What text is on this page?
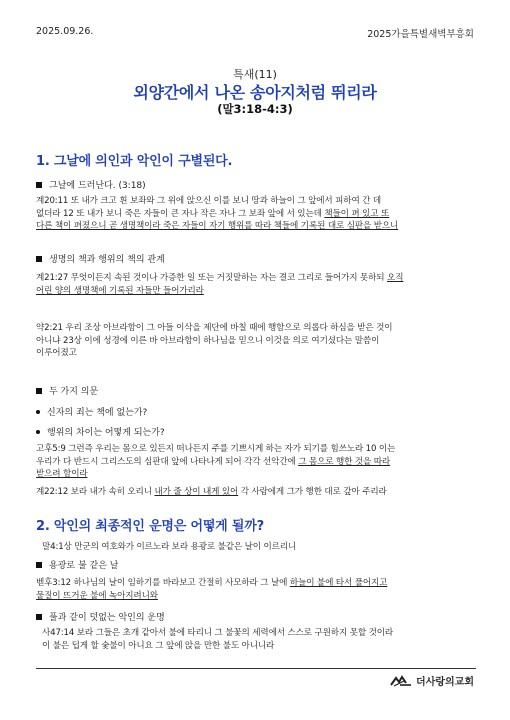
2025.09.26.	2025가을특별새벽부흥회
특새(11)
외양간에서 나온 송아지처럼 뛰리라
(말3:18-4:3)
1. 그날에 의인과 악인이 구별된다.
그날에 드러난다. (3:18)

계20:11 또 내가 크고 흰 보좌와 그 위에 앉으신 이를 보니 땅과 하늘이 그 앞에서 피하여 간 데

없더라 12 또 내가 보니 죽은 자들이 큰 자나 작은 자나 그 보좌 앞에 서 있는데 책들이 펴 있고 또

다른 책이 펴졌으니 곧 생명책이라 죽은 자들이 자기 행위를 따라 책들에 기록된 대로 심판을 받으니

생명의 책과 행위의 책의 관계

계21:27 무엇이든지 속된 것이나 가증한 일 또는 거짓말하는 자는 결코 그리로 들어가지 못하되 오직

어린 양의 생명책에 기록된 자들만 들어가리라

약2:21 우리 조상 아브라함이 그 아들 이삭을 제단에 바칠 때에 행함으로 의롭다 하심을 받은 것이

아니냐 23상 이에 성경에 이른 바 아브라함이 하나님을 믿으니 이것을 의로 여기셨다는 말씀이

이루어졌고

두 가지 의문
신자의 죄는 책에 없는가?
행위의 차이는 어떻게 되는가?

고후5:9 그런즉 우리는 몸으로 있든지 떠나든지 주를 기쁘시게 하는 자가 되기를 힘쓰노라 10 이는

우리가 다 반드시 그리스도의 심판대 앞에 나타나게 되어 각각 선악간에 그 몸으로 행한 것을 따라

받으려 함이라

계22:12 보라 내가 속히 오리니 내가 줄 상이 내게 있어 각 사람에게 그가 행한 대로 갚아 주리라

2. 악인의 최종적인 운명은 어떻게 될까?

말4:1상 만군의 여호와가 이르노라 보라 용광로 불같은 날이 이르리니

용광로 불 같은 날

벧후3:12 하나님의 날이 임하기를 바라보고 간절히 사모하라 그 날에 하늘이 불에 타서 풀어지고

물질이 뜨거운 불에 녹아지려니와

풀과 같이 덧없는 악인의 운명

사47:14 보라 그들은 초개 같아서 불에 타리니 그 불꽃의 세력에서 스스로 구원하지 못할 것이라

이 불은 덥게 할 숯불이 아니요 그 앞에 앉을 만한 불도 아니니라

더사랑의교회
